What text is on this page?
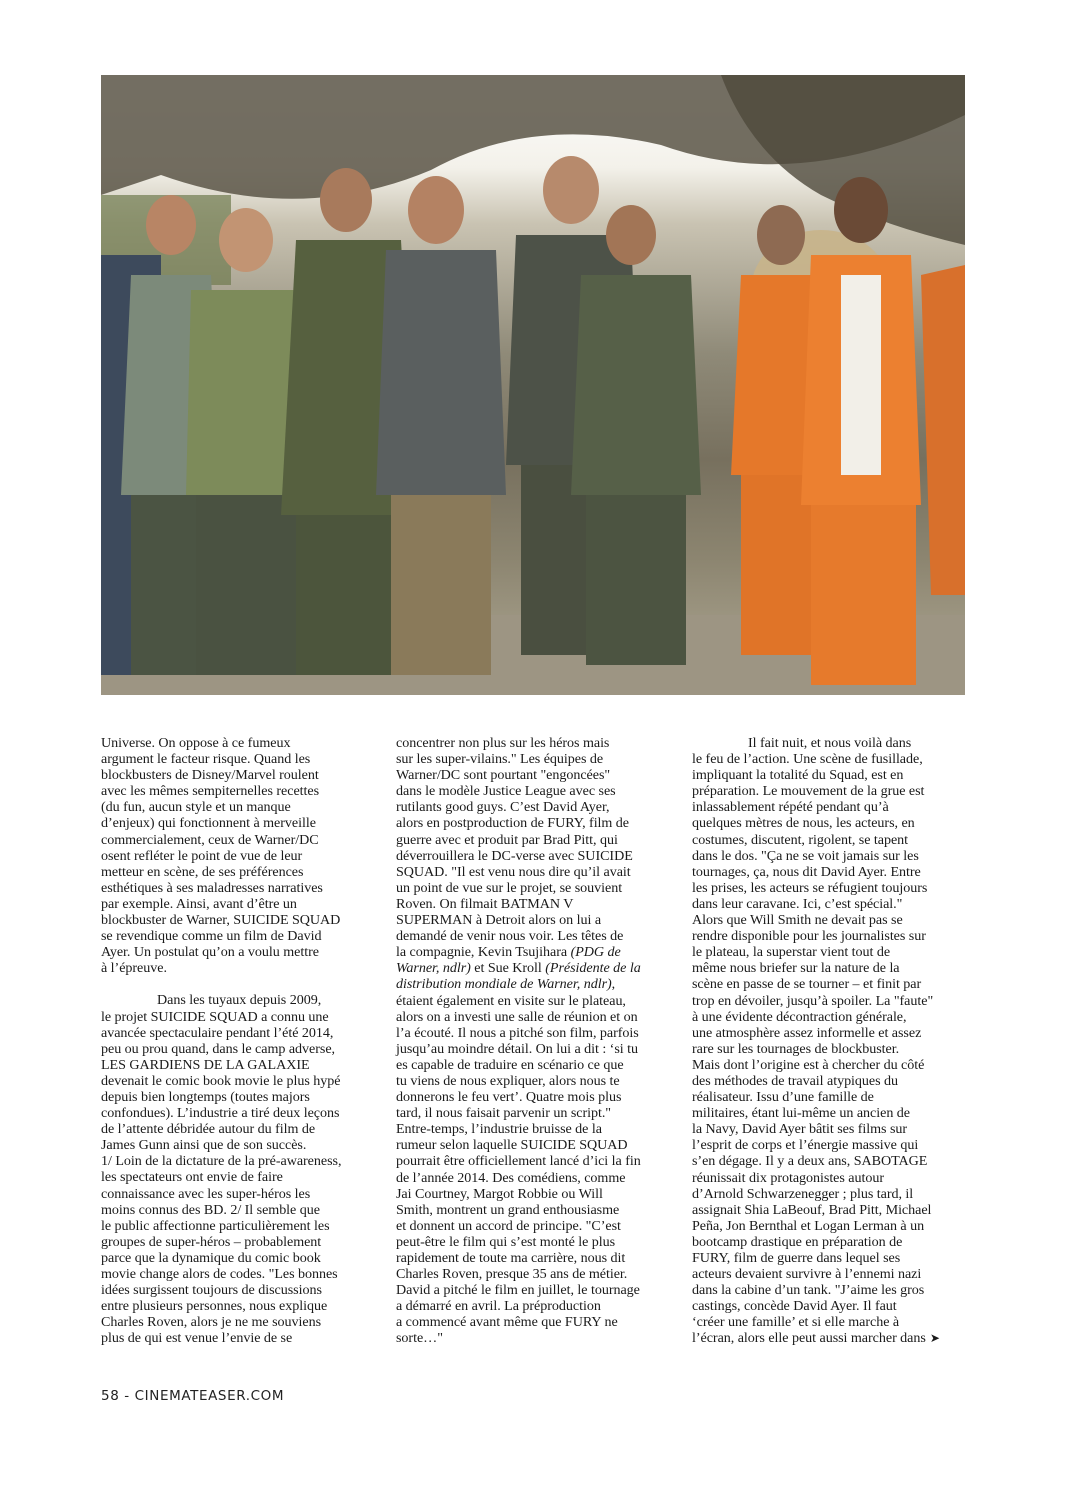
Universe. On oppose à ce fumeux
argument le facteur risque. Quand les
blockbusters de Disney/Marvel roulent
avec les mêmes sempiternelles recettes
(du fun, aucun style et un manque
d’enjeux) qui fonctionnent à merveille
commercialement, ceux de Warner/DC
osent refléter le point de vue de leur
metteur en scène, de ses préférences
esthétiques à ses maladresses narratives
par exemple. Ainsi, avant d’être un
blockbuster de Warner, SUICIDE SQUAD
se revendique comme un film de David
Ayer. Un postulat qu’on a voulu mettre
à l’épreuve.

Dans les tuyaux depuis 2009,
le projet SUICIDE SQUAD a connu une
avancée spectaculaire pendant l’été 2014,
peu ou prou quand, dans le camp adverse,
LES GARDIENS DE LA GALAXIE
devenait le comic book movie le plus hypé
depuis bien longtemps (toutes majors
confondues). L’industrie a tiré deux leçons
de l’attente débridée autour du film de
James Gunn ainsi que de son succès.
1/ Loin de la dictature de la pré-awareness,
les spectateurs ont envie de faire
connaissance avec les super-héros les
moins connus des BD. 2/ Il semble que
le public affectionne particulièrement les
groupes de super-héros – probablement
parce que la dynamique du comic book
movie change alors de codes. "Les bonnes
idées surgissent toujours de discussions
entre plusieurs personnes, nous explique
Charles Roven, alors je ne me souviens
plus de qui est venue l’envie de se

concentrer non plus sur les héros mais
sur les super-vilains." Les équipes de
Warner/DC sont pourtant "engoncées"
dans le modèle Justice League avec ses
rutilants good guys. C’est David Ayer,
alors en postproduction de FURY, film de
guerre avec et produit par Brad Pitt, qui
déverrouillera le DC-verse avec SUICIDE
SQUAD. "Il est venu nous dire qu’il avait
un point de vue sur le projet, se souvient
Roven. On filmait BATMAN V
SUPERMAN à Detroit alors on lui a
demandé de venir nous voir. Les têtes de
la compagnie, Kevin Tsujihara (PDG de
Warner, ndlr) et Sue Kroll (Présidente de la
distribution mondiale de Warner, ndlr),
étaient également en visite sur le plateau,
alors on a investi une salle de réunion et on
l’a écouté. Il nous a pitché son film, parfois
jusqu’au moindre détail. On lui a dit : ‘si tu
es capable de traduire en scénario ce que
tu viens de nous expliquer, alors nous te
donnerons le feu vert’. Quatre mois plus
tard, il nous faisait parvenir un script."
Entre-temps, l’industrie bruisse de la
rumeur selon laquelle SUICIDE SQUAD
pourrait être officiellement lancé d’ici la fin
de l’année 2014. Des comédiens, comme
Jai Courtney, Margot Robbie ou Will
Smith, montrent un grand enthousiasme
et donnent un accord de principe. "C’est
peut-être le film qui s’est monté le plus
rapidement de toute ma carrière, nous dit
Charles Roven, presque 35 ans de métier.
David a pitché le film en juillet, le tournage
a démarré en avril. La préproduction
a commencé avant même que FURY ne
sorte…"

Il fait nuit, et nous voilà dans
le feu de l’action. Une scène de fusillade,
impliquant la totalité du Squad, est en
préparation. Le mouvement de la grue est
inlassablement répété pendant qu’à
quelques mètres de nous, les acteurs, en
costumes, discutent, rigolent, se tapent
dans le dos. "Ça ne se voit jamais sur les
tournages, ça, nous dit David Ayer. Entre
les prises, les acteurs se réfugient toujours
dans leur caravane. Ici, c’est spécial."
Alors que Will Smith ne devait pas se
rendre disponible pour les journalistes sur
le plateau, la superstar vient tout de
même nous briefer sur la nature de la
scène en passe de se tourner – et finit par
trop en dévoiler, jusqu’à spoiler. La "faute"
à une évidente décontraction générale,
une atmosphère assez informelle et assez
rare sur les tournages de blockbuster.
Mais dont l’origine est à chercher du côté
des méthodes de travail atypiques du
réalisateur. Issu d’une famille de
militaires, étant lui-même un ancien de
la Navy, David Ayer bâtit ses films sur
l’esprit de corps et l’énergie massive qui
s’en dégage. Il y a deux ans, SABOTAGE
réunissait dix protagonistes autour
d’Arnold Schwarzenegger ; plus tard, il
assignait Shia LaBeouf, Brad Pitt, Michael
Peña, Jon Bernthal et Logan Lerman à un
bootcamp drastique en préparation de
FURY, film de guerre dans lequel ses
acteurs devaient survivre à l’ennemi nazi
dans la cabine d’un tank. "J’aime les gros
castings, concède David Ayer. Il faut
‘créer une famille’ et si elle marche à
l’écran, alors elle peut aussi marcher dans ➤

58 - CINEMATEASER.COM
